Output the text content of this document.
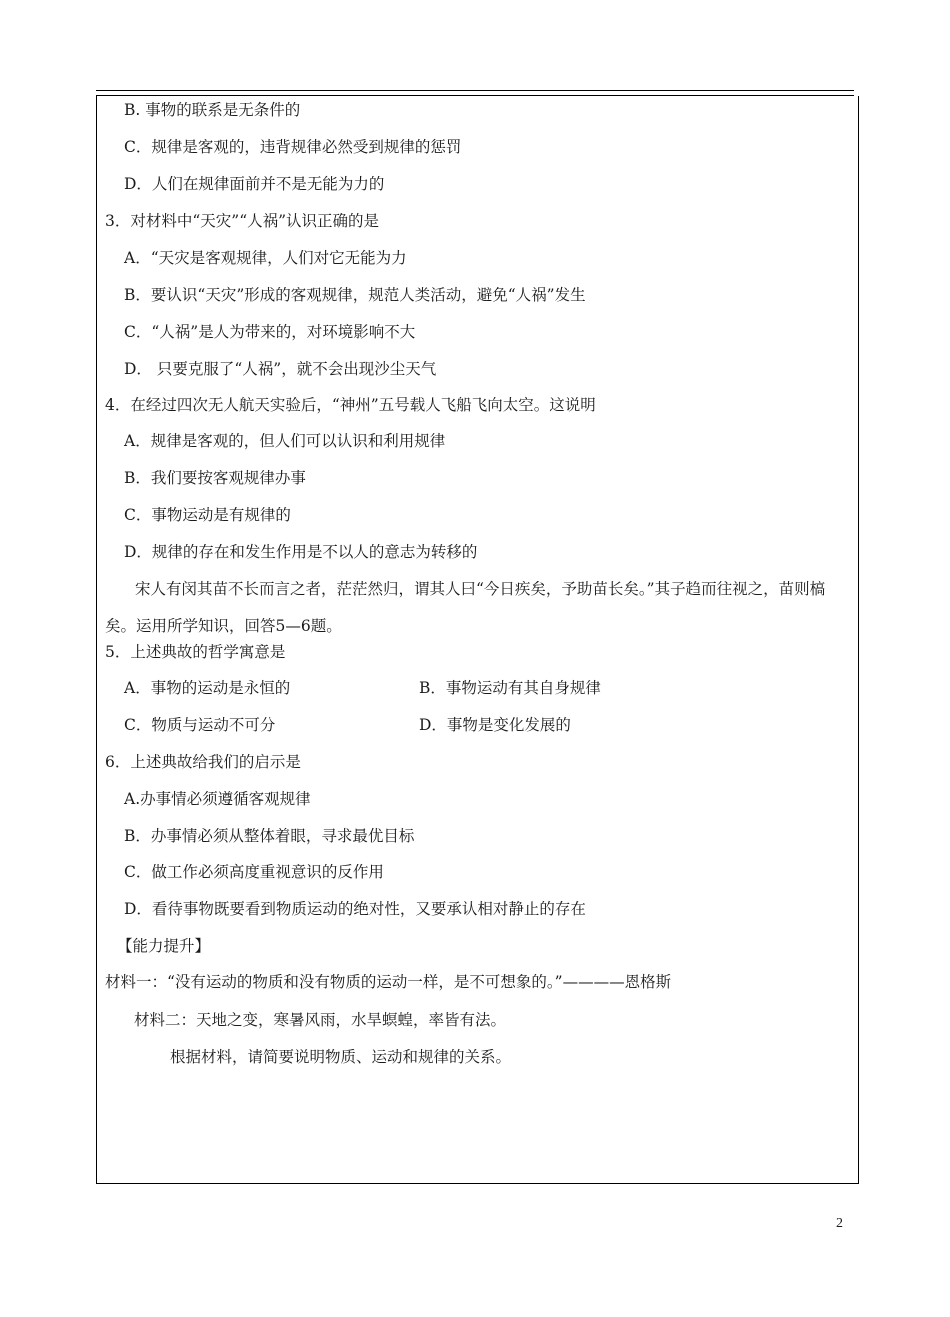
B. 事物的联系是无条件的
C．规律是客观的，违背规律必然受到规律的惩罚
D．人们在规律面前并不是无能为力的
3．对材料中“天灾”“人祸”认识正确的是
A．“天灾是客观规律，人们对它无能为力
B．要认识“天灾”形成的客观规律，规范人类活动，避免“人祸”发生
C．“人祸”是人为带来的，对环境影响不大
D． 只要克服了“人祸”，就不会出现沙尘天气
4．在经过四次无人航天实验后，“神州”五号载人飞船飞向太空。这说明
A．规律是客观的，但人们可以认识和利用规律
B．我们要按客观规律办事
C．事物运动是有规律的
D．规律的存在和发生作用是不以人的意志为转移的
宋人有闵其苗不长而言之者，茫茫然归，谓其人曰“今日疾矣，予助苗长矣。”其子趋而往视之，苗则槁矣。运用所学知识，回答5—6题。
5．上述典故的哲学寓意是
A．事物的运动是永恒的	B．事物运动有其自身规律
C．物质与运动不可分	D．事物是变化发展的
6．上述典故给我们的启示是
A.办事情必须遵循客观规律
B．办事情必须从整体着眼，寻求最优目标
C．做工作必须高度重视意识的反作用
D．看待事物既要看到物质运动的绝对性，又要承认相对静止的存在
【能力提升】
材料一：“没有运动的物质和没有物质的运动一样，是不可想象的。”————恩格斯
材料二：天地之变，寒暑风雨，水旱螟蝗，率皆有法。
根据材料，请简要说明物质、运动和规律的关系。
2
